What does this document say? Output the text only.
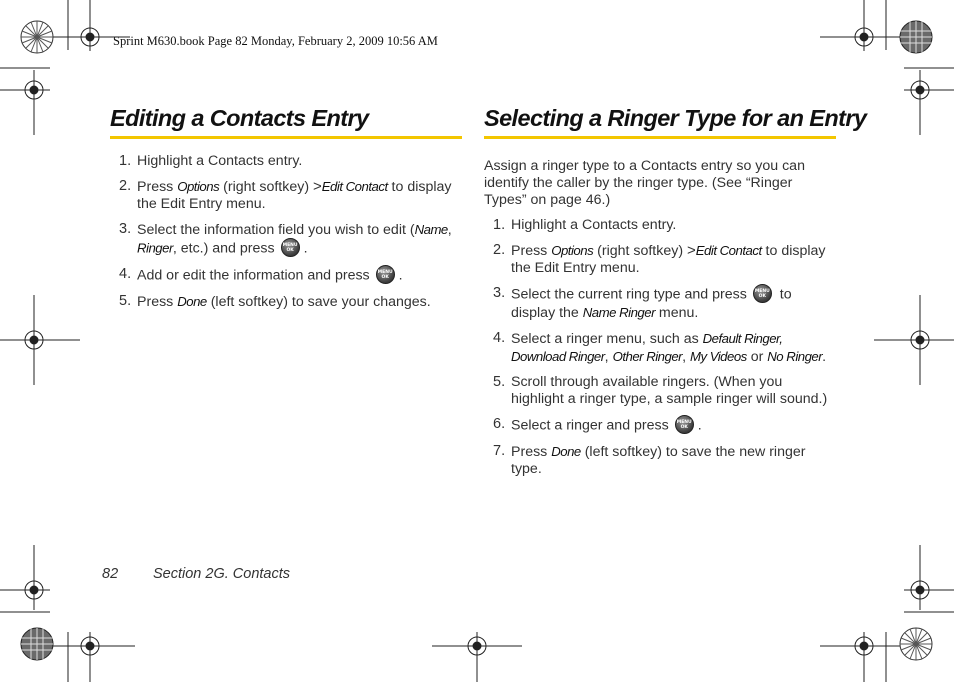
Sprint M630.book Page 82 Monday, February 2, 2009 10:56 AM
Editing a Contacts Entry
1. Highlight a Contacts entry.
2. Press Options (right softkey) >Edit Contact to display the Edit Entry menu.
3. Select the information field you wish to edit (Name, Ringer, etc.) and press MENU
OK .
4. Add or edit the information and press MENU
OK .
5. Press Done (left softkey) to save your changes.
Selecting a Ringer Type for an Entry

Assign a ringer type to a Contacts entry so you can identify the caller by the ringer type. (See “Ringer Types” on page 46.)

1. Highlight a Contacts entry.
2. Press Options (right softkey) >Edit Contact to display the Edit Entry menu.
3. Select the current ring type and press MENU
OK to display the Name Ringer menu.
4. Select a ringer menu, such as Default Ringer, Download Ringer, Other Ringer, My Videos or No Ringer.
5. Scroll through available ringers. (When you highlight a ringer type, a sample ringer will sound.)
6. Select a ringer and press MENU
OK .
7. Press Done (left softkey) to save the new ringer type.
82 Section 2G. Contacts
